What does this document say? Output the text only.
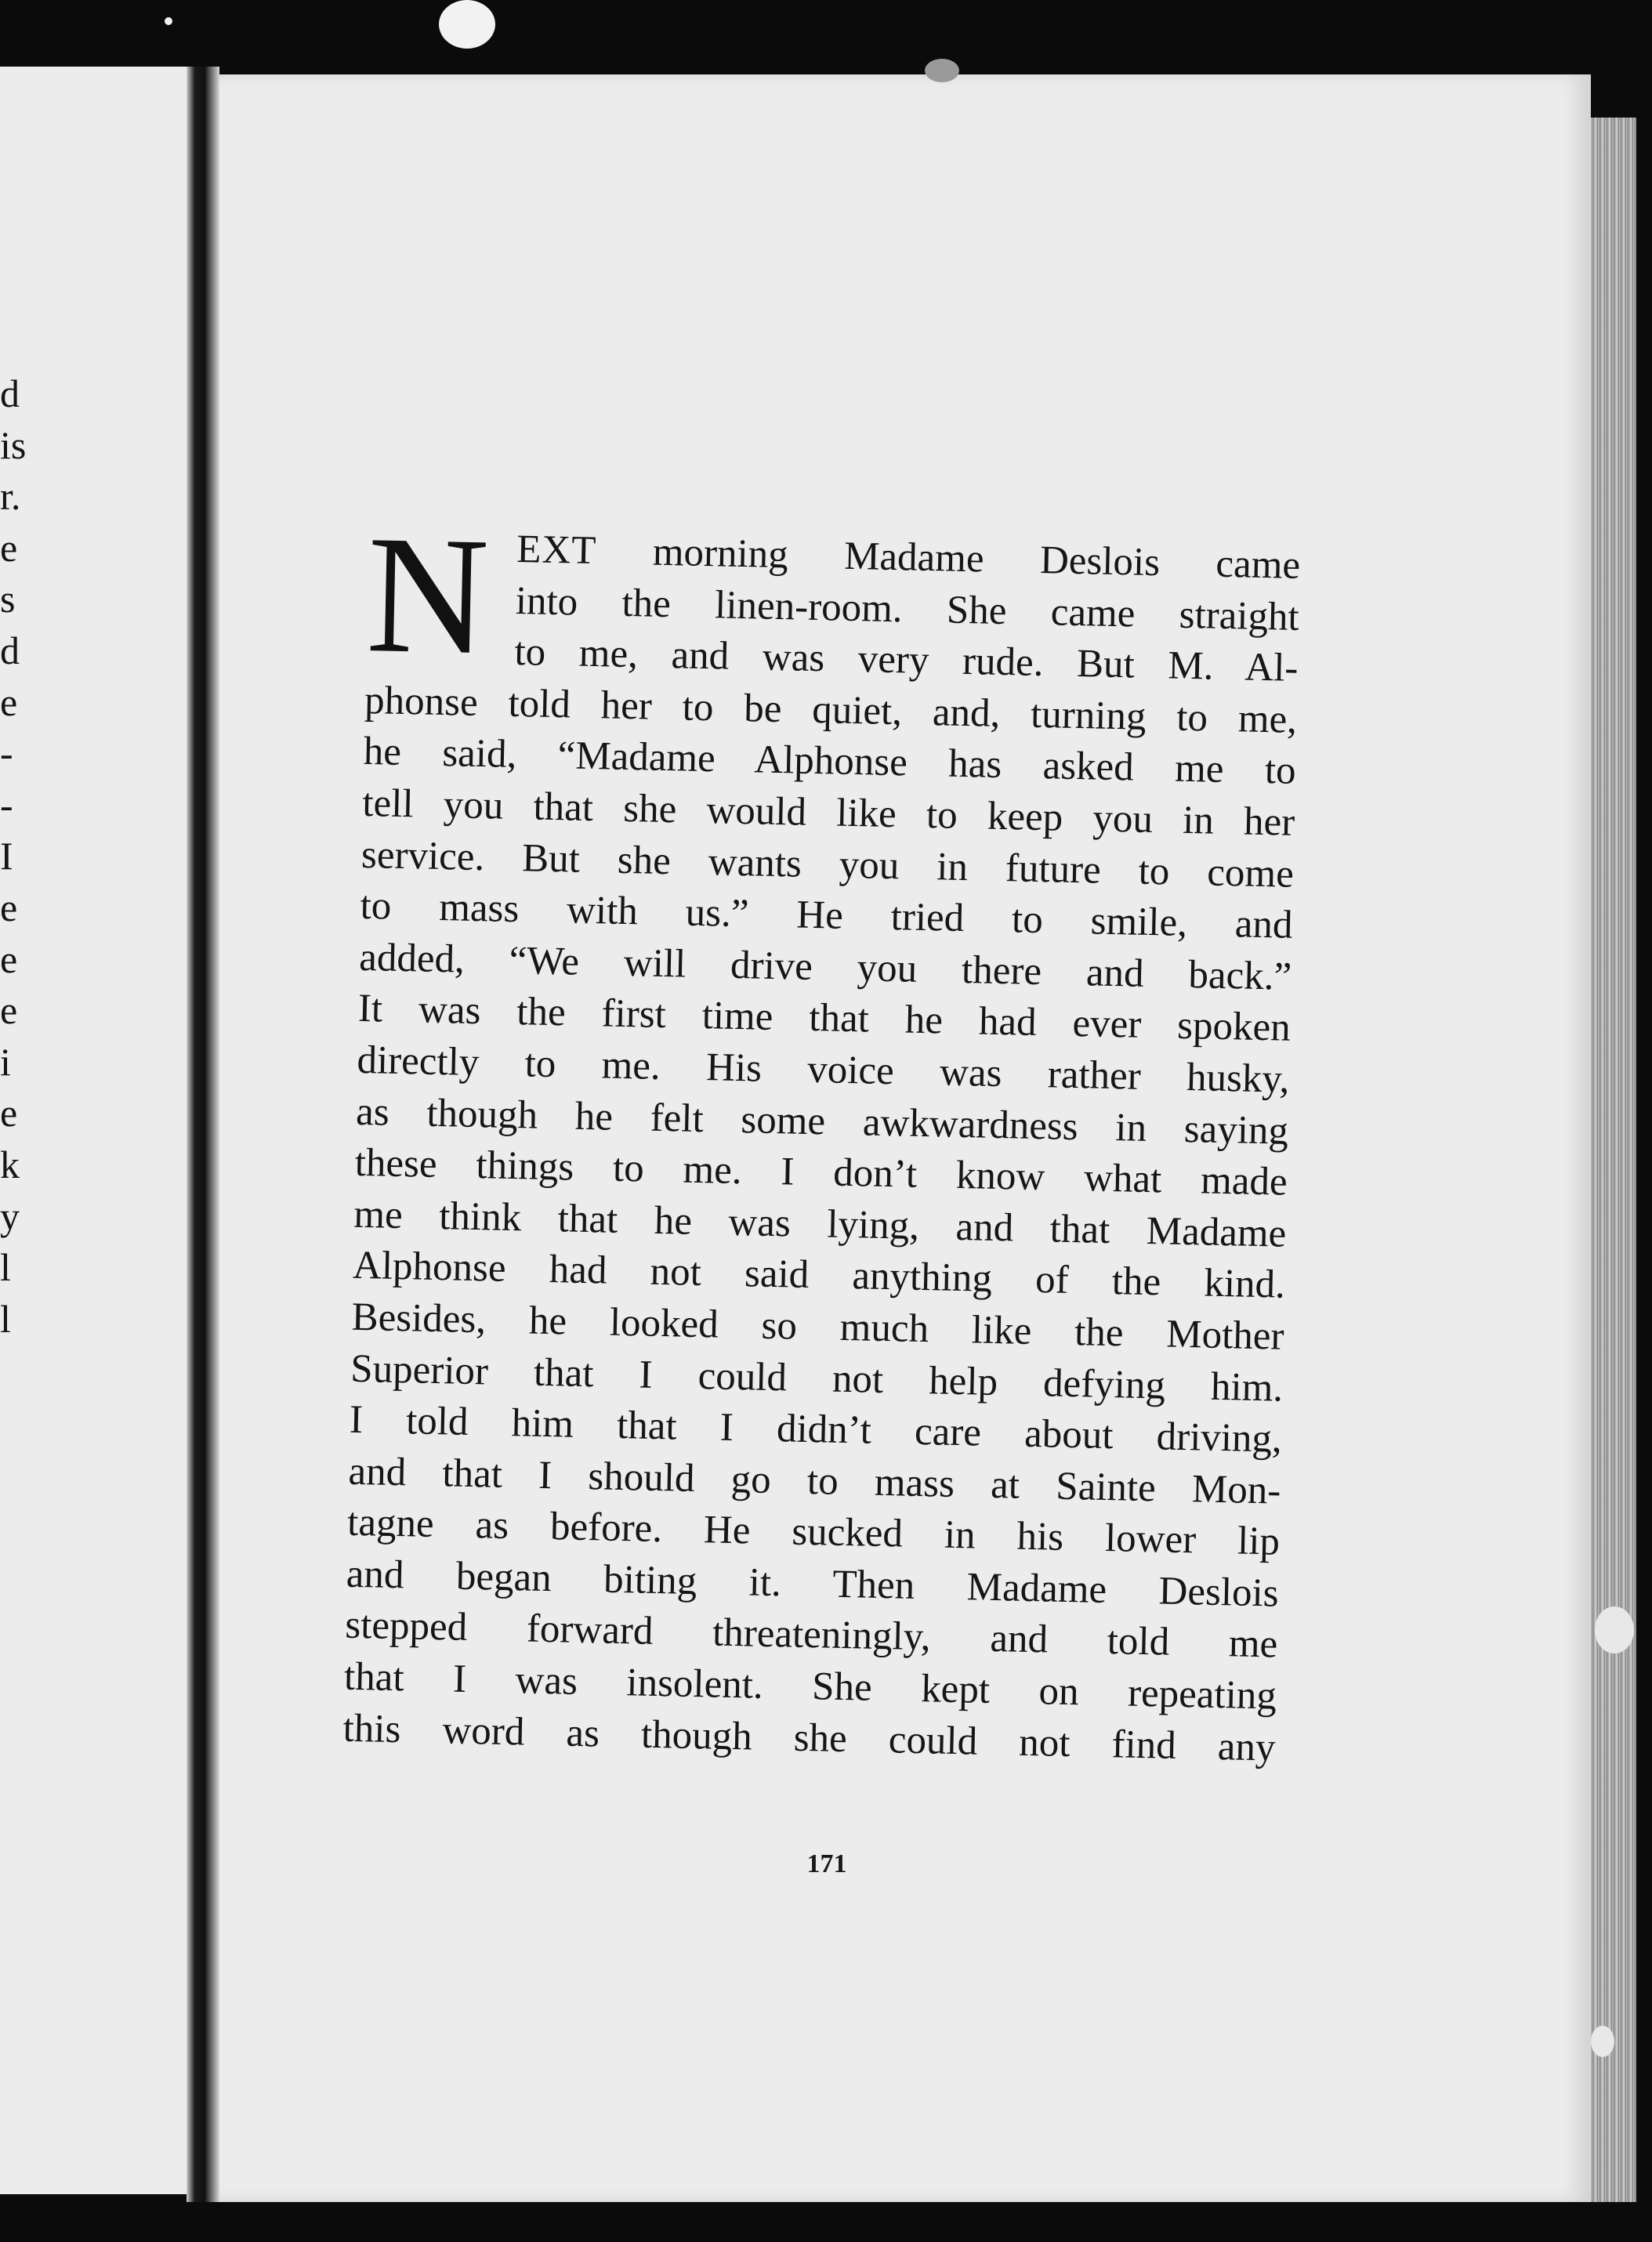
d
is
r.
e
s
d
e
-
-
I
e
e
e
i
e
k
y
l
l
N EXT morning Madame Deslois came
into the linen-room. She came straight
to me, and was very rude. But M. Al-
phonse told her to be quiet, and, turning to me,
he said, “Madame Alphonse has asked me to
tell you that she would like to keep you in her
service. But she wants you in future to come
to mass with us.” He tried to smile, and
added, “We will drive you there and back.”
It was the first time that he had ever spoken
directly to me. His voice was rather husky,
as though he felt some awkwardness in saying
these things to me. I don’t know what made
me think that he was lying, and that Madame
Alphonse had not said anything of the kind.
Besides, he looked so much like the Mother
Superior that I could not help defying him.
I told him that I didn’t care about driving,
and that I should go to mass at Sainte Mon-
tagne as before. He sucked in his lower lip
and began biting it. Then Madame Deslois
stepped forward threateningly, and told me
that I was insolent. She kept on repeating
this word as though she could not find any
171
